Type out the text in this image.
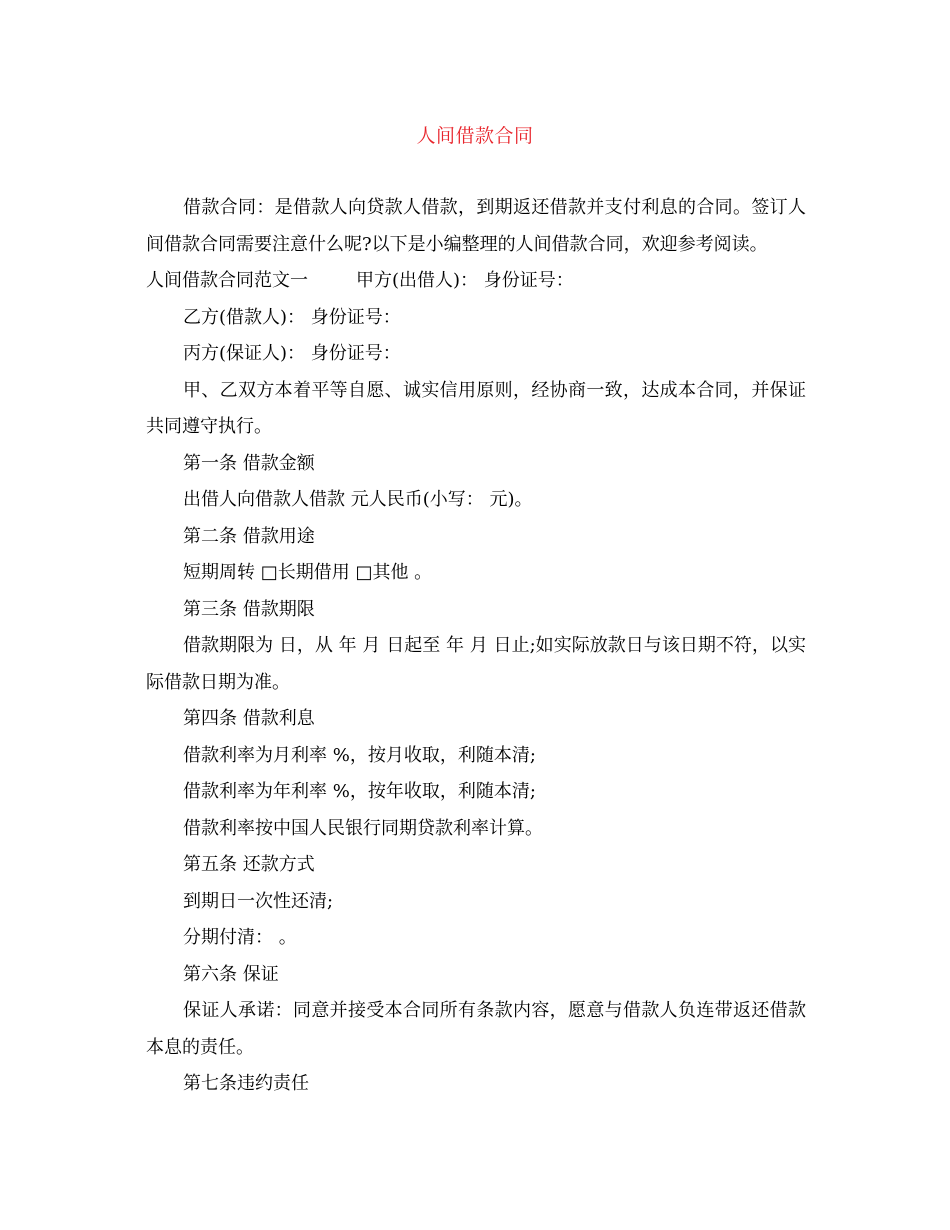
人间借款合同

借款合同：是借款人向贷款人借款，到期返还借款并支付利息的合同。签订人间借款合同需要注意什么呢?以下是小编整理的人间借款合同，欢迎参考阅读。

人间借款合同范文一	甲方(出借人)： 身份证号：

乙方(借款人)： 身份证号：

丙方(保证人)： 身份证号：

甲、乙双方本着平等自愿、诚实信用原则，经协商一致，达成本合同，并保证共同遵守执行。

第一条 借款金额

出借人向借款人借款 元人民币(小写： 元)。

第二条 借款用途

短期周转 □长期借用 □其他 。

第三条 借款期限

借款期限为 日，从 年 月 日起至 年 月 日止;如实际放款日与该日期不符，以实际借款日期为准。

第四条 借款利息

借款利率为月利率 %，按月收取，利随本清;

借款利率为年利率 %，按年收取，利随本清;

借款利率按中国人民银行同期贷款利率计算。

第五条 还款方式

到期日一次性还清;

分期付清： 。

第六条 保证

保证人承诺：同意并接受本合同所有条款内容，愿意与借款人负连带返还借款本息的责任。

第七条违约责任
